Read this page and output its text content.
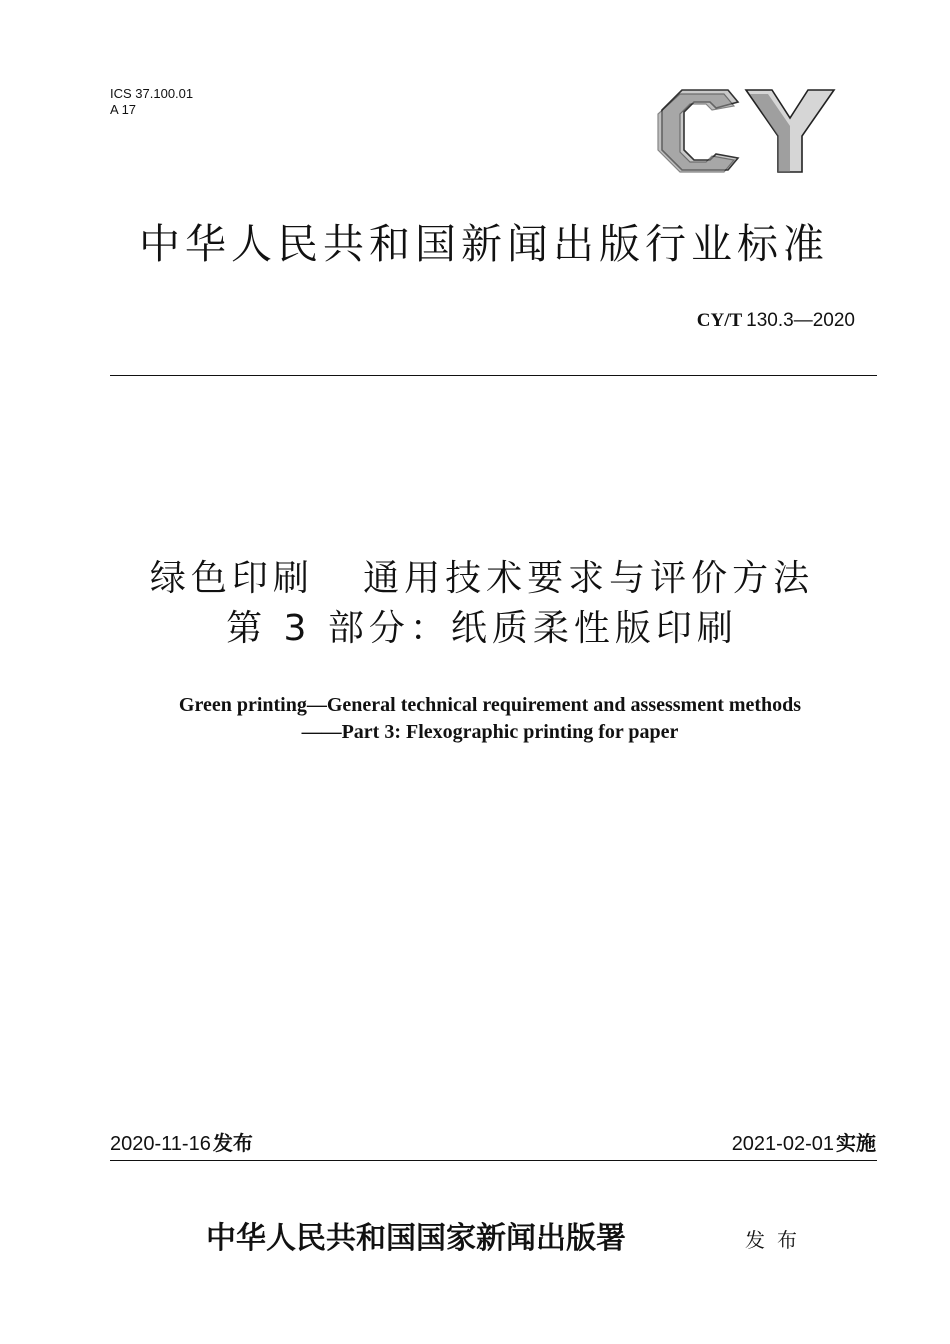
ICS 37.100.01
A 17
中华人民共和国新闻出版行业标准
CY/T 130.3—2020
绿色印刷   通用技术要求与评价方法
第 3 部分：纸质柔性版印刷
Green printing—General technical requirement and assessment methods
——Part 3: Flexographic printing for paper
2020-11-16 发布	2021-02-01 实施
中华人民共和国国家新闻出版署	发布
